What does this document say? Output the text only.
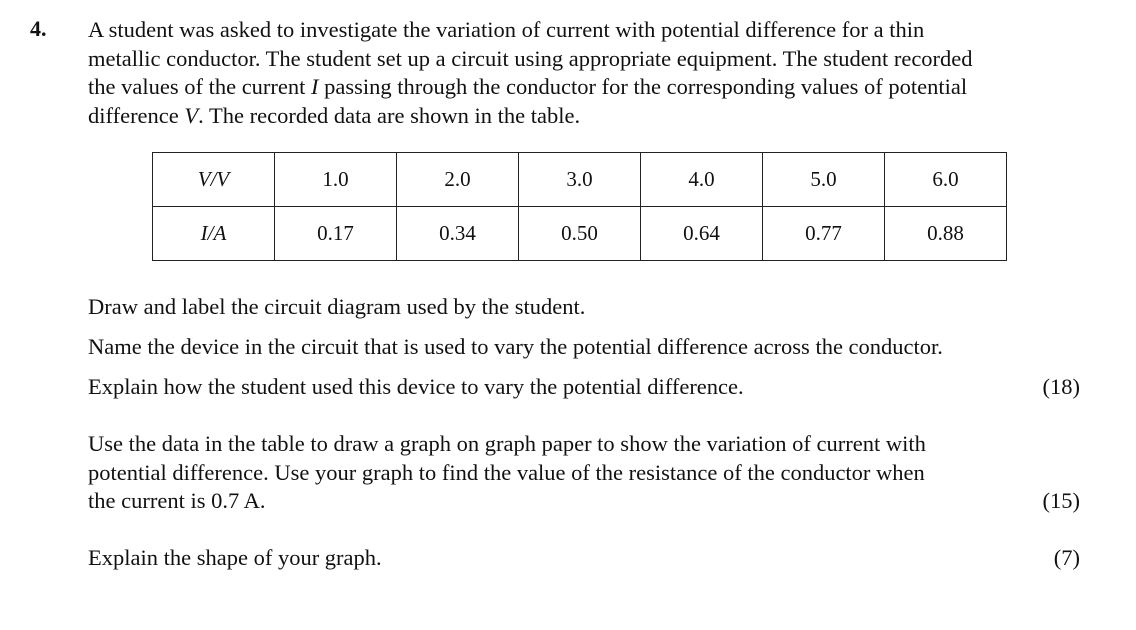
4. A student was asked to investigate the variation of current with potential difference for a thin
metallic conductor. The student set up a circuit using appropriate equipment. The student recorded
the values of the current I passing through the conductor for the corresponding values of potential
difference V. The recorded data are shown in the table.
V/V	1.0	2.0	3.0	4.0	5.0	6.0
I/A	0.17	0.34	0.50	0.64	0.77	0.88
Draw and label the circuit diagram used by the student.
Name the device in the circuit that is used to vary the potential difference across the conductor.
Explain how the student used this device to vary the potential difference.	(18)
Use the data in the table to draw a graph on graph paper to show the variation of current with
potential difference. Use your graph to find the value of the resistance of the conductor when
the current is 0.7 A.	(15)
Explain the shape of your graph.	(7)
